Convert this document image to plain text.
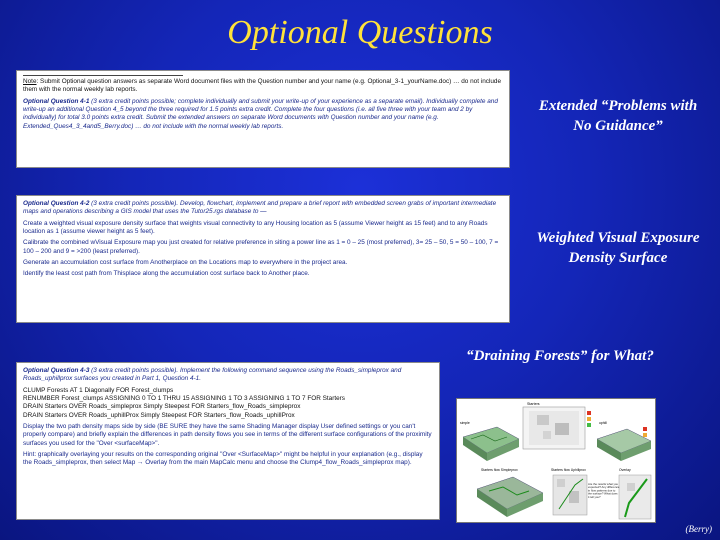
Optional Questions

Note: Submit Optional question answers as separate Word document files with the Question number and your name (e.g. Optional_3-1_yourName.doc) … do not include them with the normal weekly lab reports.

Optional Question 4-1 (3 extra credit points possible; complete individually and submit your write-up of your experience as a separate email). Individually complete and write-up an additional Question 4_5 beyond the three required for 1.5 points extra credit. Complete the four questions (i.e. all five three with your team and 2 by individually) for total 3.0 points extra credit. Submit the extended answers on separate Word documents with Question number and your name (e.g. Extended_Ques4_3_4and5_Berry.doc) … do not include with the normal weekly lab reports.

Optional Question 4-2 (3 extra credit points possible). Develop, flowchart, implement and prepare a brief report with embedded screen grabs of important intermediate maps and operations describing a GIS model that uses the Tutor25.rgs database to —

Create a weighted visual exposure density surface that weights visual connectivity to any Housing location as 5 (assume Viewer height as 15 feet) and to any Roads location as 1 (assume viewer height as 5 feet).

Calibrate the combined wVisual Exposure map you just created for relative preference in siting a power line as 1 = 0 – 25 (most preferred), 3= 25 – 50, 5 = 50 – 100, 7 = 100 – 200 and 9 = >200 (least preferred).

Generate an accumulation cost surface from Anotherplace on the Locations map to everywhere in the project area.

Identify the least cost path from Thisplace along the accumulation cost surface back to Another place.

Optional Question 4-3 (3 extra credit points possible). Implement the following command sequence using the Roads_simpleprox and Roads_uphillprox surfaces you created in Part 1, Question 4-1.

CLUMP Forests AT 1 Diagonally FOR Forest_clumps
RENUMBER Forest_clumps ASSIGNING 0 TO 1 THRU 15 ASSIGNING 1 TO 3 ASSIGNING 1 TO 7 FOR Starters
DRAIN Starters OVER Roads_simpleprox Simply Steepest FOR Starters_flow_Roads_simpleprox
DRAIN Starters OVER Roads_uphillProx Simply Steepest FOR Starters_flow_Roads_uphillProx

Display the two path density maps side by side (BE SURE they have the same Shading Manager display User defined settings or you can't properly compare) and briefly explain the differences in path density flows you see in terms of the different surface configurations of the proximity surfaces you used for the "Over <surfaceMap>".

Hint: graphically overlaying your results on the corresponding original "Over <SurfaceMap>" might be helpful in your explanation (e.g., display the Roads_simpleprox, then select Map → Overlay from the main MapCalc menu and choose the Clump4_flow_Roads_simpleprox map).

Extended “Problems with No Guidance”
Weighted Visual Exposure Density Surface
“Draining Forests” for What?
Starters
simple	uphill
Starters flow Simpleprox	Starters flow Uphillprox	Overlay
Are the results what you expected? Any difference in flow patterns due to the surface? What does it tell you?
(Berry)
